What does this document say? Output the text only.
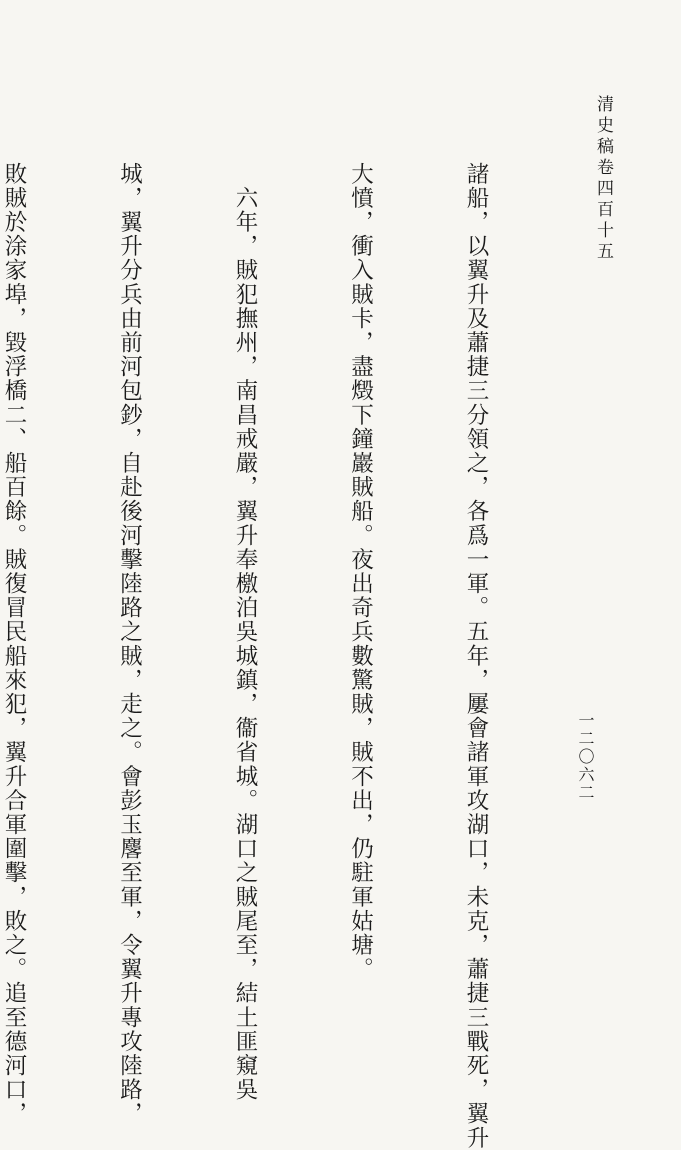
清史稿卷四百十五
一二〇六二

諸船，以翼升及蕭捷三分領之，各爲一軍。五年，屢會諸軍攻湖口，未克，蕭捷三戰死，翼升

大憤，衝入賊卡，盡燬下鐘巖賊船。夜出奇兵數驚賊，賊不出，仍駐軍姑塘。

　六年，賊犯撫州，南昌戒嚴，翼升奉檄泊吳城鎮，衞省城。湖口之賊尾至，結土匪窺吳

城，翼升分兵由前河包鈔，自赴後河擊陸路之賊，走之。會彭玉麐至軍，令翼升專攻陸路，

敗賊於涂家埠，毀浮橋二、船百餘。賊復冒民船來犯，翼升合軍圍擊，敗之。追至德河口，
